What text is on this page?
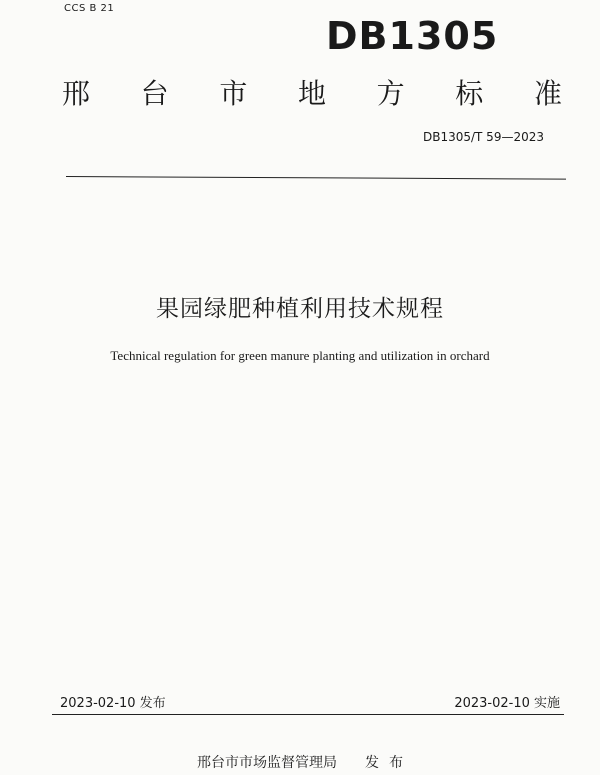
CCS B 21
DB1305
邢 台 市 地 方 标 准
DB1305/T 59—2023
果园绿肥种植利用技术规程
Technical regulation for green manure planting and utilization in orchard
2023-02-10 发布	2023-02-10 实施
邢台市市场监督管理局 发布
